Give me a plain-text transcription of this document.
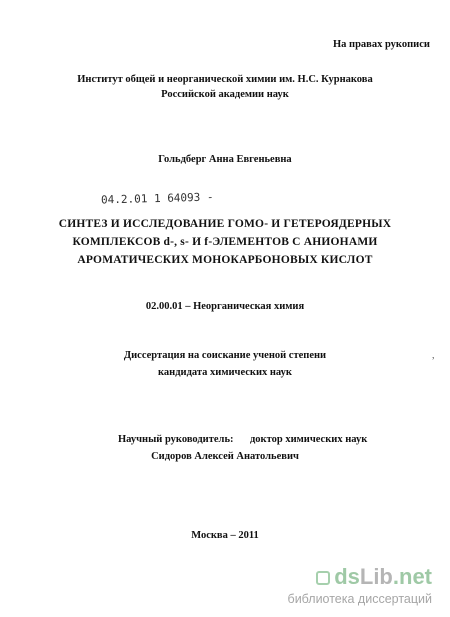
На правах рукописи
Институт общей и неорганической химии им. Н.С. Курнакова
Российской академии наук
Гольдберг Анна Евгеньевна
04.2.01 1 64093 -
СИНТЕЗ И ИССЛЕДОВАНИЕ ГОМО- И ГЕТЕРОЯДЕРНЫХ
КОМПЛЕКСОВ d-, s- И f-ЭЛЕМЕНТОВ С АНИОНАМИ
АРОМАТИЧЕСКИХ МОНОКАРБОНОВЫХ КИСЛОТ
02.00.01 – Неорганическая химия
Диссертация на соискание ученой степени
кандидата химических наук
,
Научный руководитель: доктор химических наук
Сидоров Алексей Анатольевич
Москва – 2011
ds Lib . net
библиотека диссертаций
